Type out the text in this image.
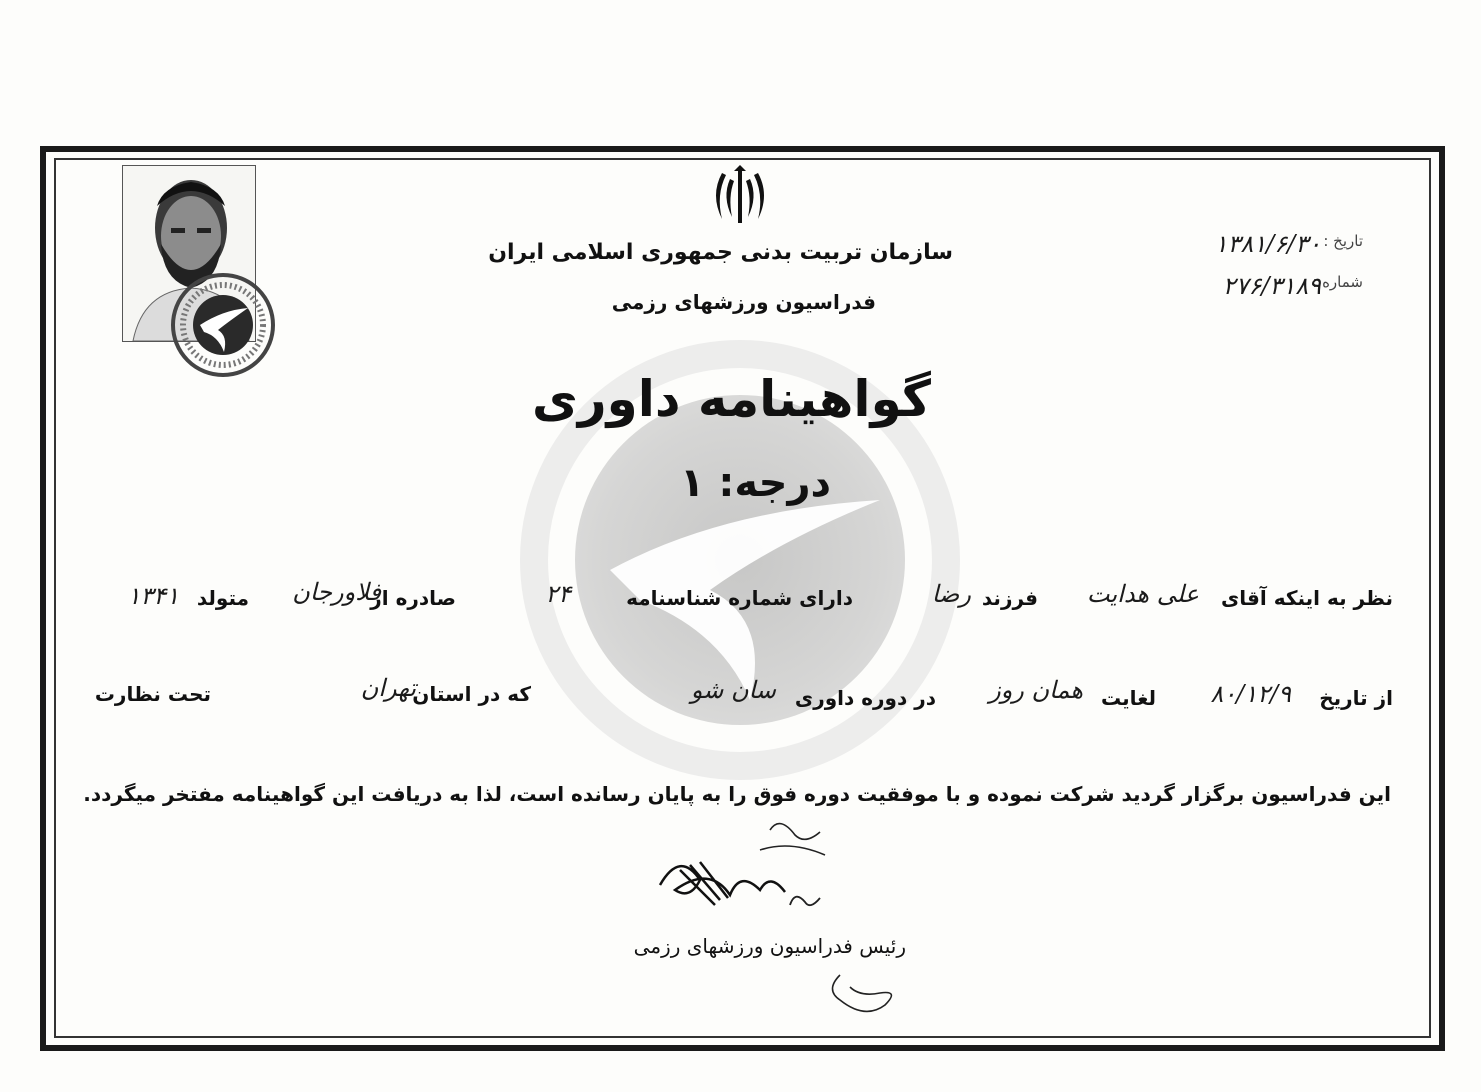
سازمان تربیت بدنی جمهوری اسلامی ایران
فدراسیون ورزشهای رزمی
تاریخ :
۱۳۸۱/۶/۳۰
شماره :
۲۷۶/۳۱۸۹
گواهینامه داوری
درجه: ۱
نظر به اینکه آقای
علی هدایت
فرزند
رضا
دارای شماره شناسنامه
۲۴
صادره از
فلاورجان
متولد
۱۳۴۱
از تاریخ
۸۰/۱۲/۹
لغایت
همان روز
در دوره داوری
سان شو
که در استان
تهران
تحت نظارت
این فدراسیون برگزار گردید شرکت نموده و با موفقیت دوره فوق را به پایان رسانده است، لذا به دریافت این گواهینامه مفتخر میگردد.
رئیس فدراسیون ورزشهای رزمی
